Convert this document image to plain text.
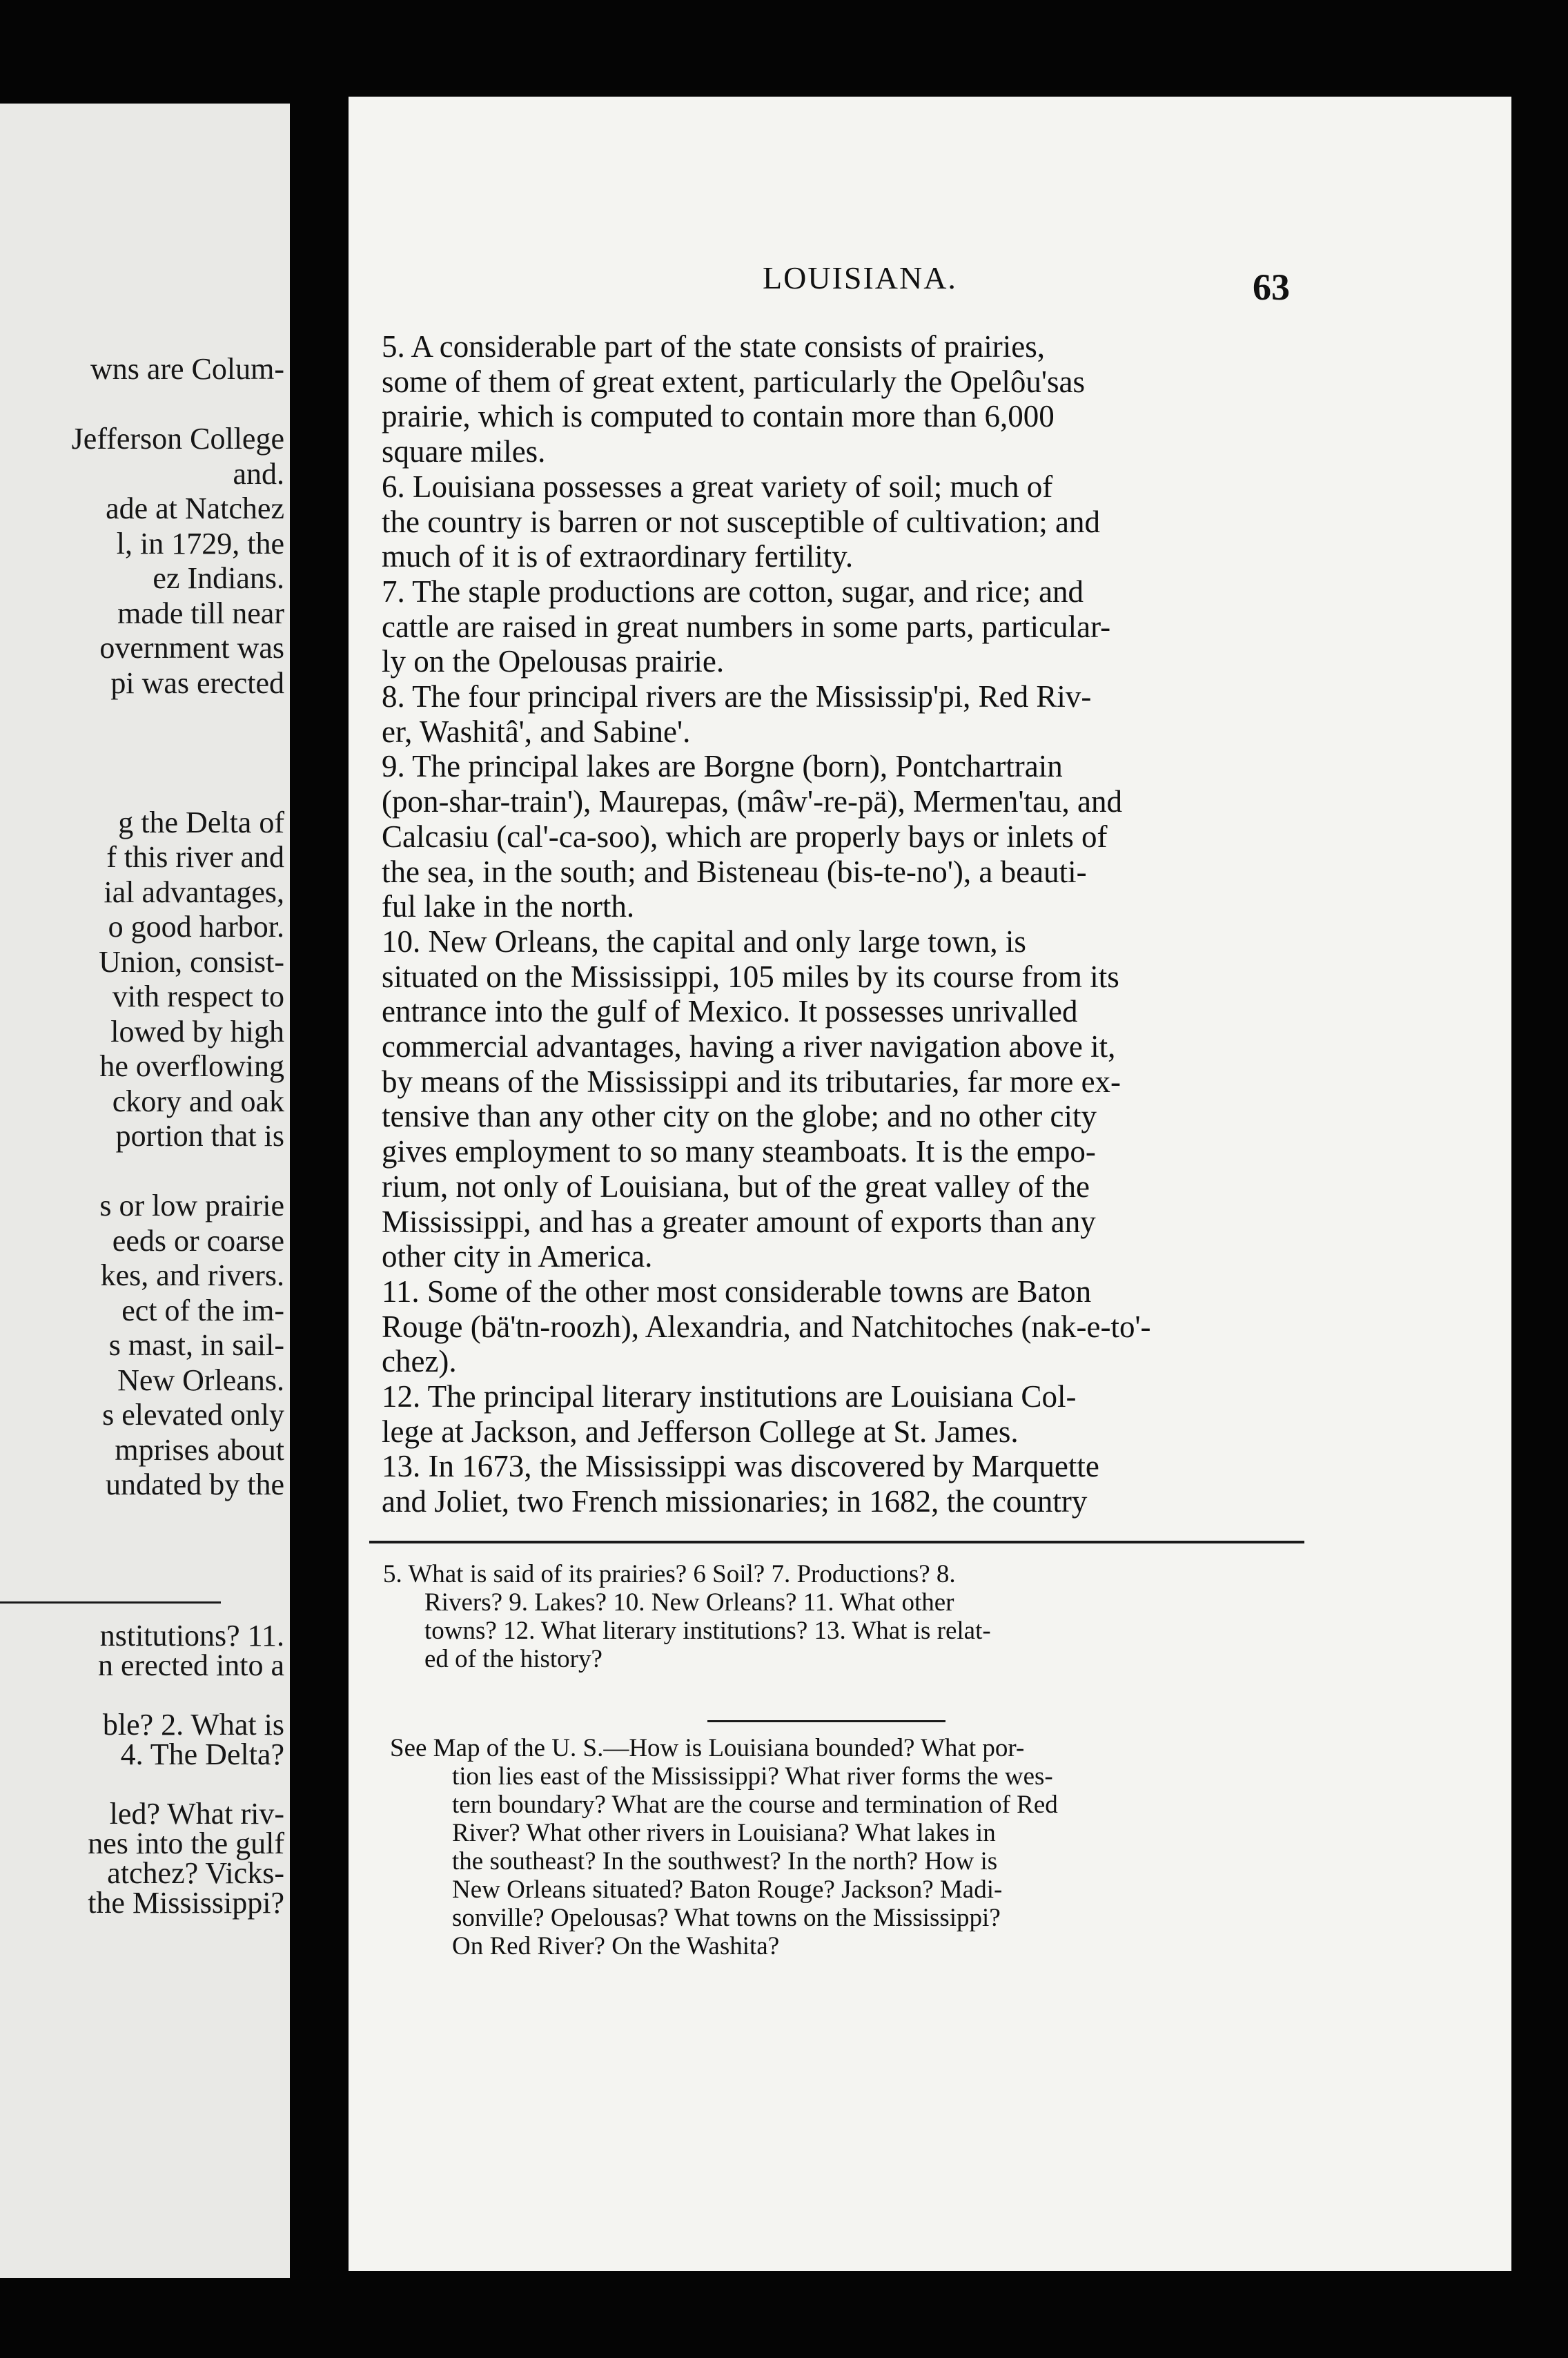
wns are Colum-
Jefferson College
and.
ade at Natchez
l, in 1729, the
ez Indians.
made till near
overnment was
pi was erected
g the Delta of
f this river and
ial advantages,
o good harbor.
Union, consist-
vith respect to
lowed by high
he overflowing
ckory and oak
portion that is
s or low prairie
eeds or coarse
kes, and rivers.
ect of the im-
s mast, in sail-
New Orleans.
s elevated only
mprises about
undated by the
nstitutions? 11.
n erected into a
ble? 2. What is
4. The Delta?
led? What riv-
nes into the gulf
atchez? Vicks-
the Mississippi?
LOUISIANA.	63
5. A considerable part of the state consists of prairies,
some of them of great extent, particularly the Opelôu'sas
prairie, which is computed to contain more than 6,000
square miles.
6. Louisiana possesses a great variety of soil; much of
the country is barren or not susceptible of cultivation; and
much of it is of extraordinary fertility.
7. The staple productions are cotton, sugar, and rice; and
cattle are raised in great numbers in some parts, particular-
ly on the Opelousas prairie.
8. The four principal rivers are the Mississip'pi, Red Riv-
er, Washitâ', and Sabine'.
9. The principal lakes are Borgne (born), Pontchartrain
(pon-shar-train'), Maurepas, (mâw'-re-pä), Mermen'tau, and
Calcasiu (cal'-ca-soo), which are properly bays or inlets of
the sea, in the south; and Bisteneau (bis-te-no'), a beauti-
ful lake in the north.
10. New Orleans, the capital and only large town, is
situated on the Mississippi, 105 miles by its course from its
entrance into the gulf of Mexico. It possesses unrivalled
commercial advantages, having a river navigation above it,
by means of the Mississippi and its tributaries, far more ex-
tensive than any other city on the globe; and no other city
gives employment to so many steamboats. It is the empo-
rium, not only of Louisiana, but of the great valley of the
Mississippi, and has a greater amount of exports than any
other city in America.
11. Some of the other most considerable towns are Baton
Rouge (bä'tn-roozh), Alexandria, and Natchitoches (nak-e-to'-
chez).
12. The principal literary institutions are Louisiana Col-
lege at Jackson, and Jefferson College at St. James.
13. In 1673, the Mississippi was discovered by Marquette
and Joliet, two French missionaries; in 1682, the country
5. What is said of its prairies? 6 Soil? 7. Productions? 8.
Rivers? 9. Lakes? 10. New Orleans? 11. What other
towns? 12. What literary institutions? 13. What is relat-
ed of the history?
See Map of the U. S.—How is Louisiana bounded? What por-
tion lies east of the Mississippi? What river forms the wes-
tern boundary? What are the course and termination of Red
River? What other rivers in Louisiana? What lakes in
the southeast? In the southwest? In the north? How is
New Orleans situated? Baton Rouge? Jackson? Madi-
sonville? Opelousas? What towns on the Mississippi?
On Red River? On the Washita?
